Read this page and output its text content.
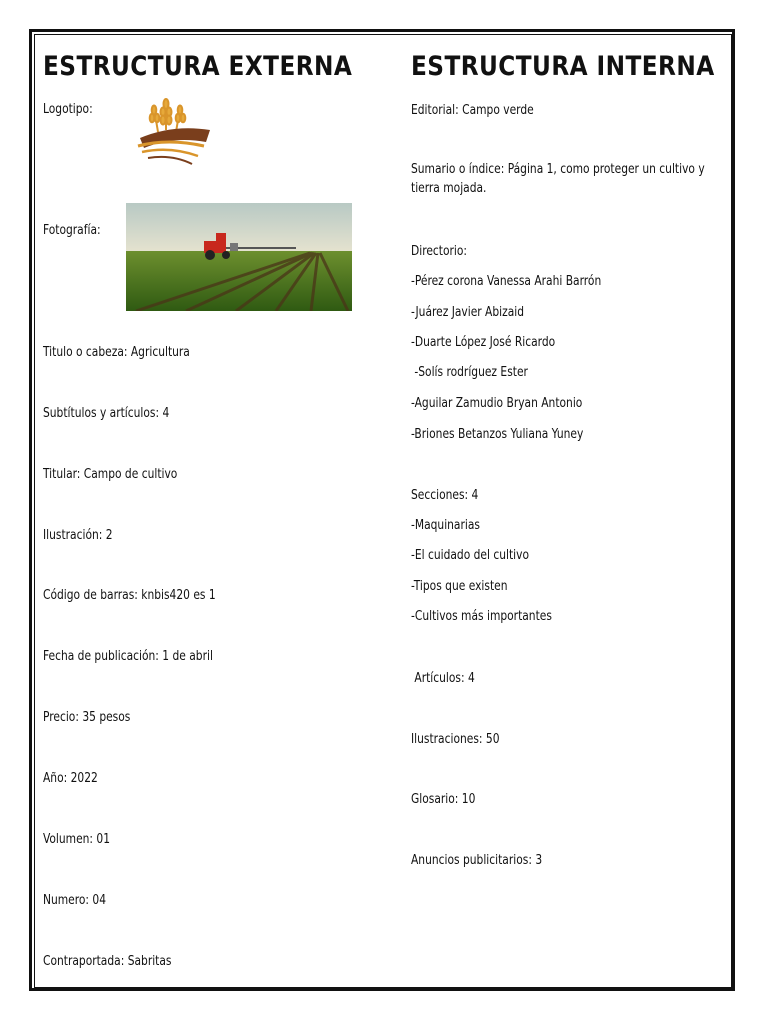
ESTRUCTURA EXTERNA
Logotipo:
Fotografía:
Titulo o cabeza: Agricultura
Subtítulos y artículos: 4
Titular: Campo de cultivo
Ilustración: 2
Código de barras: knbis420 es 1
Fecha de publicación: 1 de abril
Precio: 35 pesos
Año: 2022
Volumen: 01
Numero: 04
Contraportada: Sabritas
ESTRUCTURA INTERNA
Editorial: Campo verde
Sumario o índice: Página 1, como proteger un cultivo y tierra mojada.
Directorio:
-Pérez corona Vanessa Arahi Barrón
-Juárez Javier Abizaid
-Duarte López José Ricardo
-Solís rodríguez Ester
-Aguilar Zamudio Bryan Antonio
-Briones Betanzos Yuliana Yuney
Secciones: 4
-Maquinarias
-El cuidado del cultivo
-Tipos que existen
-Cultivos más importantes
Artículos: 4
Ilustraciones: 50
Glosario: 10
Anuncios publicitarios: 3
